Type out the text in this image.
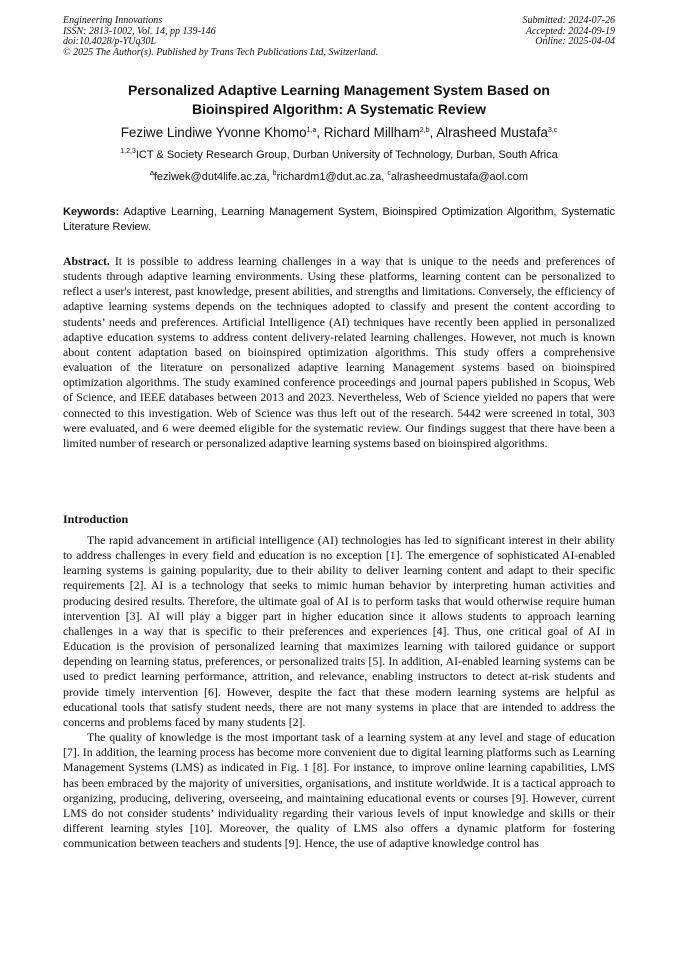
Engineering Innovations
ISSN: 2813-1002, Vol. 14, pp 139-146
doi:10.4028/p-YUq30L
© 2025 The Author(s). Published by Trans Tech Publications Ltd, Switzerland.
Submitted: 2024-07-26
Accepted: 2024-09-19
Online: 2025-04-04
Personalized Adaptive Learning Management System Based on
Bioinspired Algorithm: A Systematic Review
Feziwe Lindiwe Yvonne Khomo$^{1,a}$, Richard Millham$^{2,b}$, Alrasheed Mustafa$^{3,c}$
$^{1,2,3}$ICT & Society Research Group, Durban University of Technology, Durban, South Africa
$^a$feziwek@dut4life.ac.za, $^b$richardm1@dut.ac.za, $^c$alrasheedmustafa@aol.com
Keywords: Adaptive Learning, Learning Management System, Bioinspired Optimization Algorithm, Systematic Literature Review.
Abstract. It is possible to address learning challenges in a way that is unique to the needs and preferences of students through adaptive learning environments. Using these platforms, learning content can be personalized to reflect a user's interest, past knowledge, present abilities, and strengths and limitations. Conversely, the efficiency of adaptive learning systems depends on the techniques adopted to classify and present the content according to students’ needs and preferences. Artificial Intelligence (AI) techniques have recently been applied in personalized adaptive education systems to address content delivery-related learning challenges. However, not much is known about content adaptation based on bioinspired optimization algorithms. This study offers a comprehensive evaluation of the literature on personalized adaptive learning Management systems based on bioinspired optimization algorithms. The study examined conference proceedings and journal papers published in Scopus, Web of Science, and IEEE databases between 2013 and 2023. Nevertheless, Web of Science yielded no papers that were connected to this investigation. Web of Science was thus left out of the research. 5442 were screened in total, 303 were evaluated, and 6 were deemed eligible for the systematic review. Our findings suggest that there have been a limited number of research or personalized adaptive learning systems based on bioinspired algorithms.
Introduction

The rapid advancement in artificial intelligence (AI) technologies has led to significant interest in their ability to address challenges in every field and education is no exception [1]. The emergence of sophisticated AI-enabled learning systems is gaining popularity, due to their ability to deliver learning content and adapt to their specific requirements [2]. AI is a technology that seeks to mimic human behavior by interpreting human activities and producing desired results. Therefore, the ultimate goal of AI is to perform tasks that would otherwise require human intervention [3]. AI will play a bigger part in higher education since it allows students to approach learning challenges in a way that is specific to their preferences and experiences [4]. Thus, one critical goal of AI in Education is the provision of personalized learning that maximizes learning with tailored guidance or support depending on learning status, preferences, or personalized traits [5]. In addition, AI-enabled learning systems can be used to predict learning performance, attrition, and relevance, enabling instructors to detect at-risk students and provide timely intervention [6]. However, despite the fact that these modern learning systems are helpful as educational tools that satisfy student needs, there are not many systems in place that are intended to address the concerns and problems faced by many students [2].

The quality of knowledge is the most important task of a learning system at any level and stage of education [7]. In addition, the learning process has become more convenient due to digital learning platforms such as Learning Management Systems (LMS) as indicated in Fig. 1 [8]. For instance, to improve online learning capabilities, LMS has been embraced by the majority of universities, organisations, and institute worldwide. It is a tactical approach to organizing, producing, delivering, overseeing, and maintaining educational events or courses [9]. However, current LMS do not consider students’ individuality regarding their various levels of input knowledge and skills or their different learning styles [10]. Moreover, the quality of LMS also offers a dynamic platform for fostering communication between teachers and students [9]. Hence, the use of adaptive knowledge control has
